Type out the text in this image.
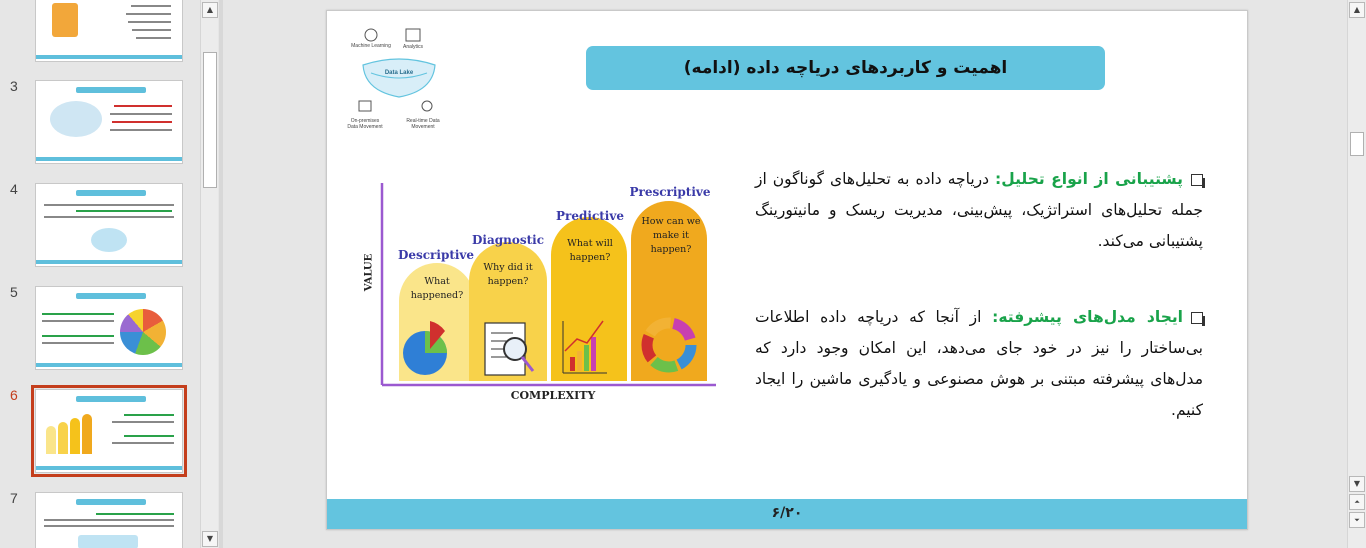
3
4
5
6
7
▲
▼
اهمیت و کاربردهای دریاچه داده (ادامه)
Machine Learning	Analytics
Data Lake
On-premises Data Movement
Real-time Data Movement
VALUE
COMPLEXITY
Descriptive
What happened?
Diagnostic
Why did it happen?
Predictive
What will happen?
Prescriptive
How can we make it happen?
پشتیبانی از انواع تحلیل: دریاچه داده به تحلیل‌های گوناگون از جمله تحلیل‌های استراتژیک، پیش‌بینی، مدیریت ریسک و مانیتورینگ پشتیبانی می‌کند.
ایجاد مدل‌های پیشرفته: از آنجا که دریاچه داده اطلاعات بی‌ساختار را نیز در خود جای می‌دهد، این امکان وجود دارد که مدل‌های پیشرفته مبتنی بر هوش مصنوعی و یادگیری ماشین را ایجاد کنیم.
۶/۲۰
▲
▼
⏶
⏷
